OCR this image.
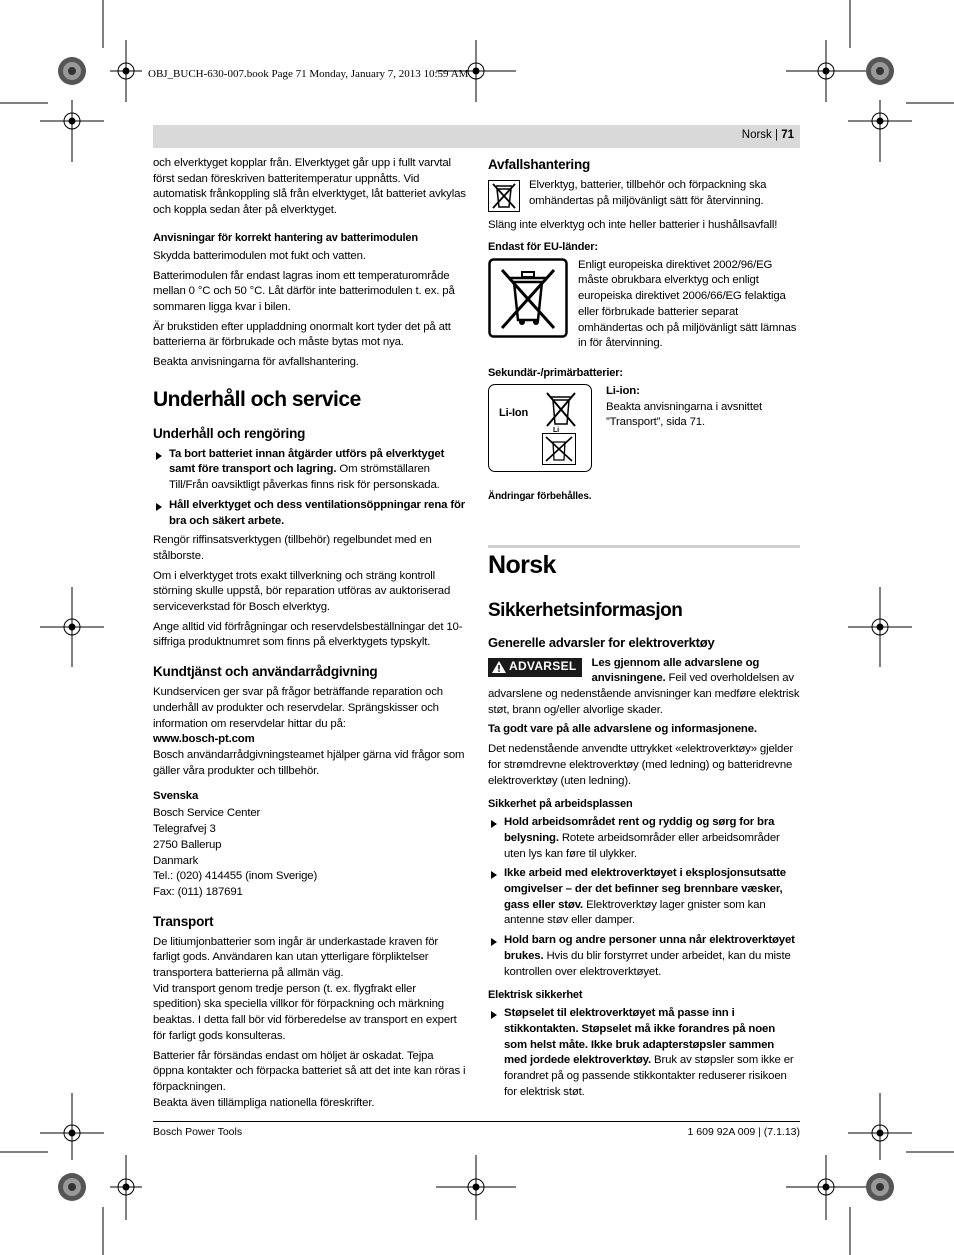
OBJ_BUCH-630-007.book Page 71 Monday, January 7, 2013 10:59 AM
Norsk | 71

och elverktyget kopplar från. Elverktyget går upp i fullt varvtal först sedan föreskriven batteritemperatur uppnåtts. Vid automatisk frånkoppling slå från elverktyget, låt batteriet avkylas och koppla sedan åter på elverktyget.

Anvisningar för korrekt hantering av batterimodulen

Skydda batterimodulen mot fukt och vatten.

Batterimodulen får endast lagras inom ett temperaturområde mellan 0 °C och 50 °C. Låt därför inte batterimodulen t. ex. på sommaren ligga kvar i bilen.

Är brukstiden efter uppladdning onormalt kort tyder det på att batterierna är förbrukade och måste bytas mot nya.

Beakta anvisningarna för avfallshantering.

Underhåll och service
Underhåll och rengöring
Ta bort batteriet innan åtgärder utförs på elverktyget samt före transport och lagring. Om strömställaren Till/Från oavsiktligt påverkas finns risk för personskada.
Håll elverktyget och dess ventilationsöppningar rena för bra och säkert arbete.

Rengör riffinsatsverktygen (tillbehör) regelbundet med en stålborste.

Om i elverktyget trots exakt tillverkning och sträng kontroll störning skulle uppstå, bör reparation utföras av auktoriserad serviceverkstad för Bosch elverktyg.

Ange alltid vid förfrågningar och reservdelsbeställningar det 10-siffriga produktnumret som finns på elverktygets typskylt.

Kundtjänst och användarrådgivning

Kundservicen ger svar på frågor beträffande reparation och underhåll av produkter och reservdelar. Sprängskisser och information om reservdelar hittar du på:

www.bosch-pt.com

Bosch användarrådgivningsteamet hjälper gärna vid frågor som gäller våra produkter och tillbehör.

Svenska
Bosch Service Center
Telegrafvej 3
2750 Ballerup
Danmark
Tel.: (020) 414455 (inom Sverige)
Fax: (011) 187691
Transport

De litiumjonbatterier som ingår är underkastade kraven för farligt gods. Användaren kan utan ytterligare förpliktelser transportera batterierna på allmän väg.

Vid transport genom tredje person (t. ex. flygfrakt eller spedition) ska speciella villkor för förpackning och märkning beaktas. I detta fall bör vid förberedelse av transport en expert för farligt gods konsulteras.

Batterier får försändas endast om höljet är oskadat. Tejpa öppna kontakter och förpacka batteriet så att det inte kan röras i förpackningen.

Beakta även tillämpliga nationella föreskrifter.

Avfallshantering

Elverktyg, batterier, tillbehör och förpackning ska omhändertas på miljövänligt sätt för återvinning.

Släng inte elverktyg och inte heller batterier i hushållsavfall!

Endast för EU-länder:

Enligt europeiska direktivet 2002/96/EG måste obrukbara elverktyg och enligt europeiska direktivet 2006/66/EG felaktiga eller förbrukade batterier separat omhändertas och på miljövänligt sätt lämnas in för återvinning.

Sekundär-/primärbatterier:
Li-Ion
Li
Li-ion:
Beakta anvisningarna i avsnittet ”Transport”, sida 71.
Ändringar förbehålles.
Norsk
Sikkerhetsinformasjon
Generelle advarsler for elektroverktøy
ADVARSEL Les gjennom alle advarslene og anvisningene. Feil ved overholdelsen av advarslene og nedenstående anvisninger kan medføre elektrisk støt, brann og/eller alvorlige skader.

Ta godt vare på alle advarslene og informasjonene.

Det nedenstående anvendte uttrykket «elektroverktøy» gjelder for strømdrevne elektroverktøy (med ledning) og batteridrevne elektroverktøy (uten ledning).

Sikkerhet på arbeidsplassen
Hold arbeidsområdet rent og ryddig og sørg for bra belysning. Rotete arbeidsområder eller arbeidsområder uten lys kan føre til ulykker.
Ikke arbeid med elektroverktøyet i eksplosjonsutsatte omgivelser – der det befinner seg brennbare væsker, gass eller støv. Elektroverktøy lager gnister som kan antenne støv eller damper.
Hold barn og andre personer unna når elektroverktøyet brukes. Hvis du blir forstyrret under arbeidet, kan du miste kontrollen over elektroverktøyet.
Elektrisk sikkerhet
Støpselet til elektroverktøyet må passe inn i stikkontakten. Støpselet må ikke forandres på noen som helst måte. Ikke bruk adapterstøpsler sammen med jordede elektroverktøy. Bruk av støpsler som ikke er forandret på og passende stikkontakter reduserer risikoen for elektrisk støt.
Bosch Power Tools	1 609 92A 009 | (7.1.13)
